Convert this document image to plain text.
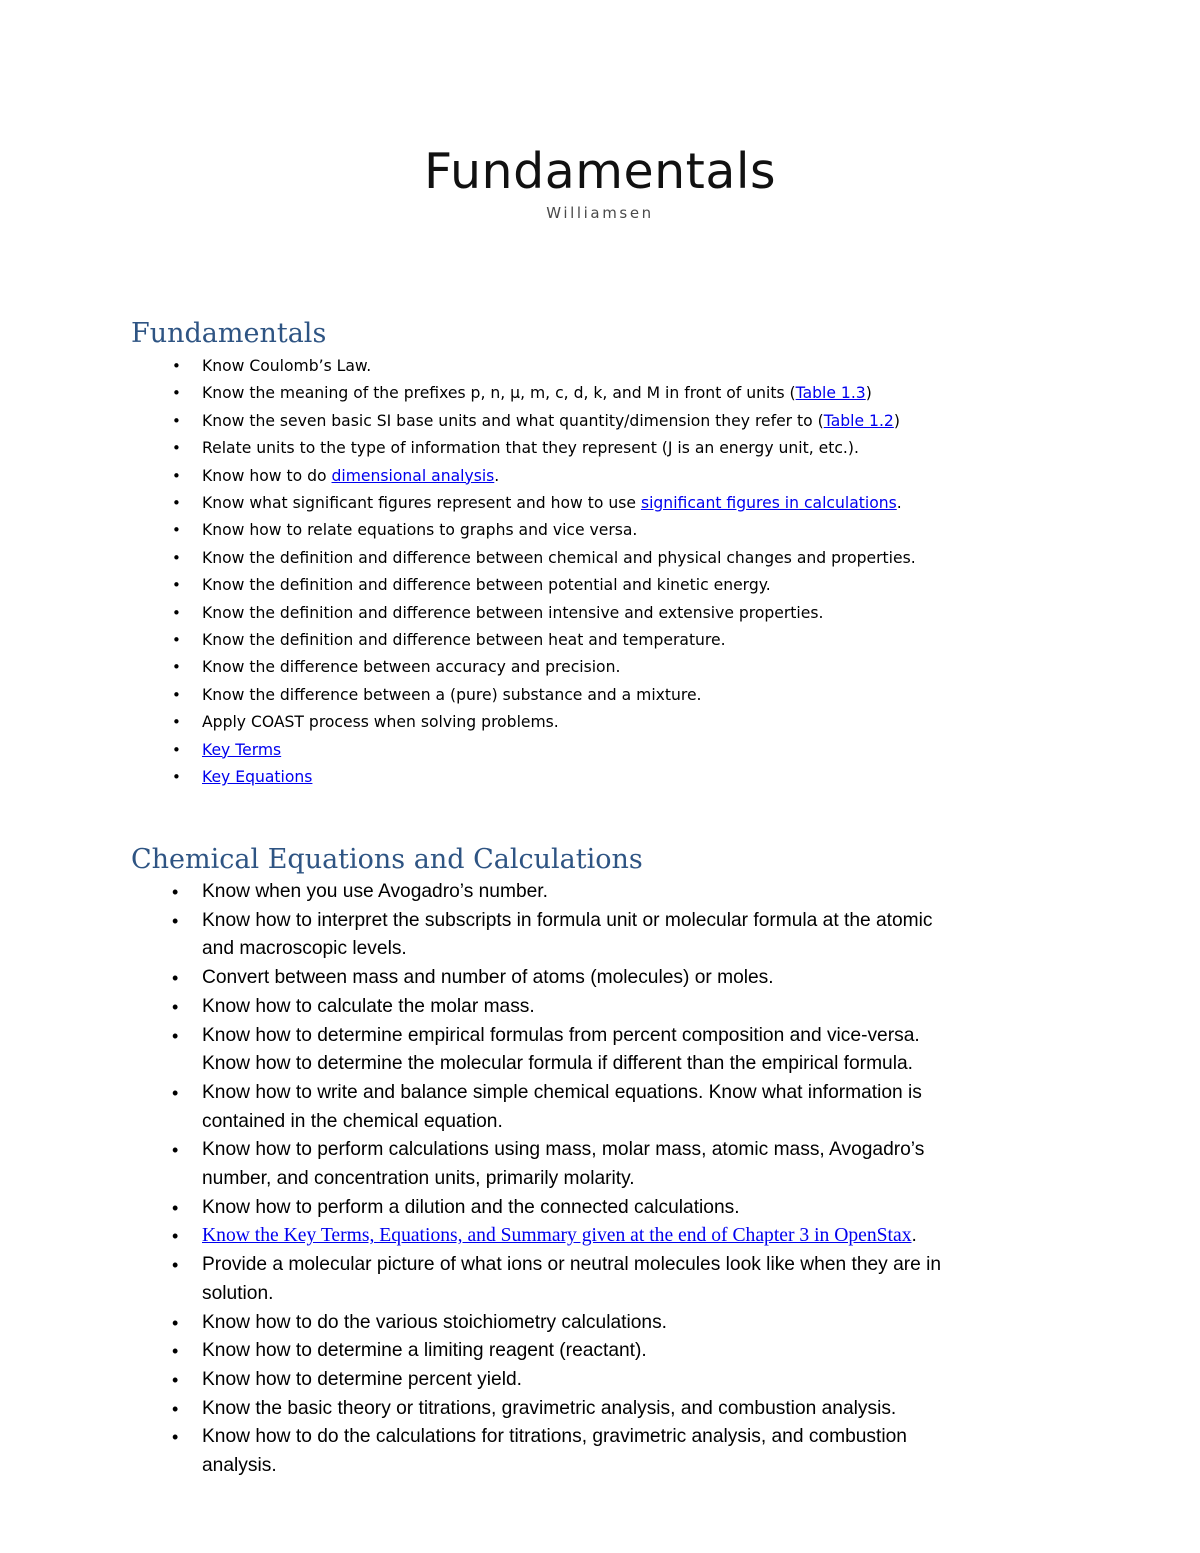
Fundamentals
Williamsen
Fundamentals
• Know Coulomb’s Law.
• Know the meaning of the prefixes p, n, μ, m, c, d, k, and M in front of units (Table 1.3)
• Know the seven basic SI base units and what quantity/dimension they refer to (Table 1.2)
• Relate units to the type of information that they represent (J is an energy unit, etc.).
• Know how to do dimensional analysis.
• Know what significant figures represent and how to use significant figures in calculations.
• Know how to relate equations to graphs and vice versa.
• Know the definition and difference between chemical and physical changes and properties.
• Know the definition and difference between potential and kinetic energy.
• Know the definition and difference between intensive and extensive properties.
• Know the definition and difference between heat and temperature.
• Know the difference between accuracy and precision.
• Know the difference between a (pure) substance and a mixture.
• Apply COAST process when solving problems.
• Key Terms
• Key Equations
Chemical Equations and Calculations
• Know when you use Avogadro’s number.
• Know how to interpret the subscripts in formula unit or molecular formula at the atomic
and macroscopic levels.
• Convert between mass and number of atoms (molecules) or moles.
• Know how to calculate the molar mass.
• Know how to determine empirical formulas from percent composition and vice-versa.
Know how to determine the molecular formula if different than the empirical formula.
• Know how to write and balance simple chemical equations. Know what information is
contained in the chemical equation.
• Know how to perform calculations using mass, molar mass, atomic mass, Avogadro’s
number, and concentration units, primarily molarity.
• Know how to perform a dilution and the connected calculations.
• Know the Key Terms, Equations, and Summary given at the end of Chapter 3 in OpenStax.
• Provide a molecular picture of what ions or neutral molecules look like when they are in
solution.
• Know how to do the various stoichiometry calculations.
• Know how to determine a limiting reagent (reactant).
• Know how to determine percent yield.
• Know the basic theory or titrations, gravimetric analysis, and combustion analysis.
• Know how to do the calculations for titrations, gravimetric analysis, and combustion
analysis.
